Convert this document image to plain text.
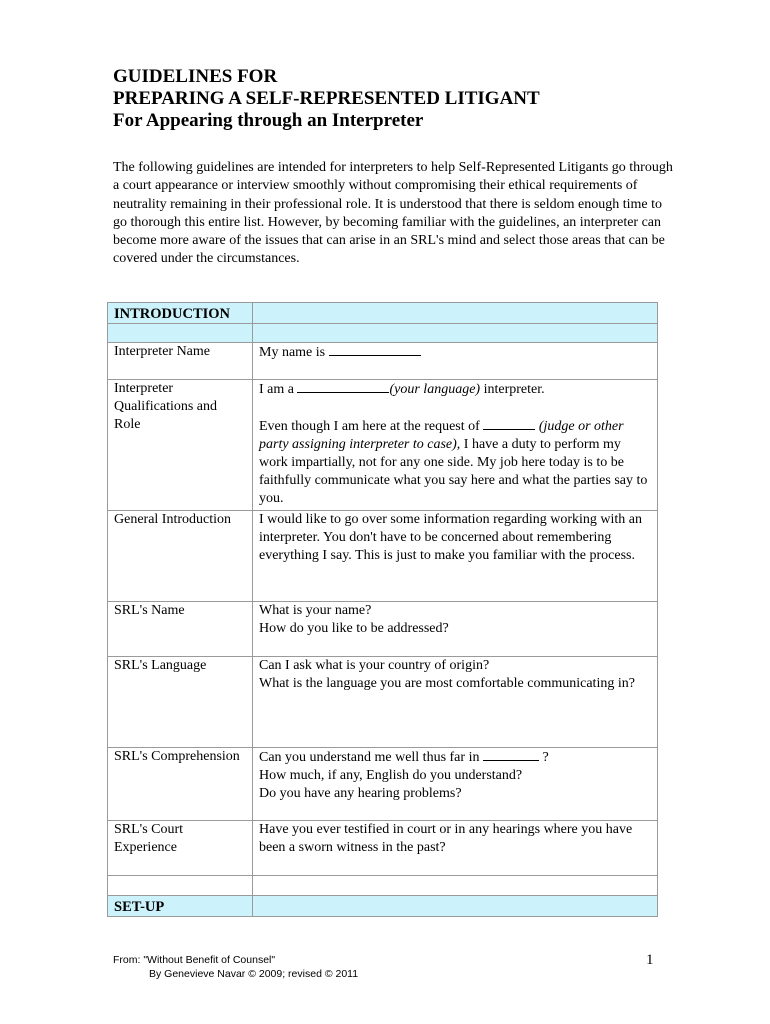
GUIDELINES FOR
PREPARING A SELF-REPRESENTED LITIGANT
For Appearing through an Interpreter

The following guidelines are intended for interpreters to help Self-Represented Litigants go through a court appearance or interview smoothly without compromising their ethical requirements of neutrality remaining in their professional role. It is understood that there is seldom enough time to go thorough this entire list. However, by becoming familiar with the guidelines, an interpreter can become more aware of the issues that can arise in an SRL's mind and select those areas that can be covered under the circumstances.

INTRODUCTION	

Interpreter Name	My name is
Interpreter Qualifications and Role	I am a (your language) interpreter.
Even though I am here at the request of (judge or other party assigning interpreter to case), I have a duty to perform my work impartially, not for any one side. My job here today is to be faithfully communicate what you say here and what the parties say to you.

General Introduction	I would like to go over some information regarding working with an interpreter. You don't have to be concerned about remembering everything I say. This is just to make you familiar with the process.
SRL's Name	What is your name?
How do you like to be addressed?

SRL's Language	Can I ask what is your country of origin?
What is the language you are most comfortable communicating in?

SRL's Comprehension	Can you understand me well thus far in ?
How much, if any, English do you understand?
Do you have any hearing problems?

SRL's Court Experience	Have you ever testified in court or in any hearings where you have been a sworn witness in the past?

SET-UP	
From: "Without Benefit of Counsel"
By Genevieve Navar © 2009; revised © 2011
1
